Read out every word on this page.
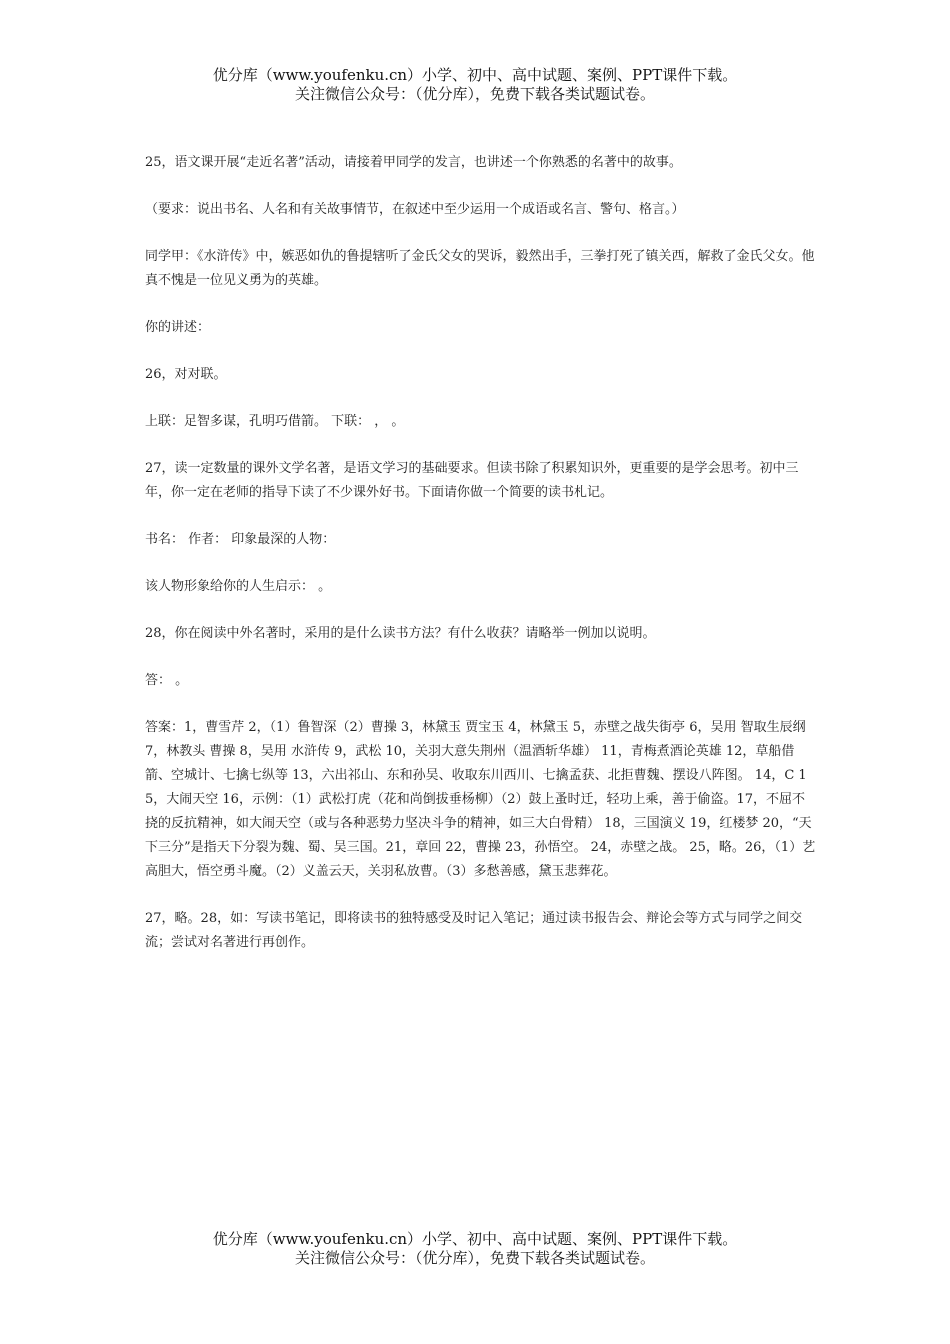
优分库（www.youfenku.cn）小学、初中、高中试题、案例、PPT课件下载。
关注微信公众号：（优分库），免费下载各类试题试卷。

25，语文课开展“走近名著”活动，请接着甲同学的发言，也讲述一个你熟悉的名著中的故事。

（要求：说出书名、人名和有关故事情节，在叙述中至少运用一个成语或名言、警句、格言。）

同学甲：《水浒传》中，嫉恶如仇的鲁提辖听了金氏父女的哭诉，毅然出手，三拳打死了镇关西，解救了金氏父女。他真不愧是一位见义勇为的英雄。

你的讲述：

26，对对联。

上联：足智多谋，孔明巧借箭。 下联： ， 。

27，读一定数量的课外文学名著，是语文学习的基础要求。但读书除了积累知识外，更重要的是学会思考。初中三年，你一定在老师的指导下读了不少课外好书。下面请你做一个简要的读书札记。

书名： 作者： 印象最深的人物：

该人物形象给你的人生启示： 。

28，你在阅读中外名著时，采用的是什么读书方法？有什么收获？请略举一例加以说明。

答： 。

答案：1，曹雪芹 2，（1）鲁智深（2）曹操 3，林黛玉 贾宝玉 4，林黛玉 5，赤壁之战失街亭 6，吴用 智取生辰纲 7，林教头 曹操 8，吴用 水浒传 9，武松 10，关羽大意失荆州（温酒斩华雄） 11，青梅煮酒论英雄 12，草船借箭、空城计、七擒七纵等 13，六出祁山、东和孙吴、收取东川西川、七擒孟获、北拒曹魏、摆设八阵图。 14，C 15，大闹天空 16，示例：（1）武松打虎（花和尚倒拔垂杨柳）（2）鼓上蚤时迁，轻功上乘，善于偷盗。17，不屈不挠的反抗精神，如大闹天空（或与各种恶势力坚决斗争的精神，如三大白骨精） 18，三国演义 19，红楼梦 20，“天下三分”是指天下分裂为魏、蜀、吴三国。21，章回 22，曹操 23，孙悟空。 24，赤壁之战。 25，略。26，（1）艺高胆大，悟空勇斗魔。（2）义盖云天，关羽私放曹。（3）多愁善感，黛玉悲葬花。

27，略。28，如：写读书笔记，即将读书的独特感受及时记入笔记；通过读书报告会、辩论会等方式与同学之间交流；尝试对名著进行再创作。

优分库（www.youfenku.cn）小学、初中、高中试题、案例、PPT课件下载。
关注微信公众号：（优分库），免费下载各类试题试卷。
